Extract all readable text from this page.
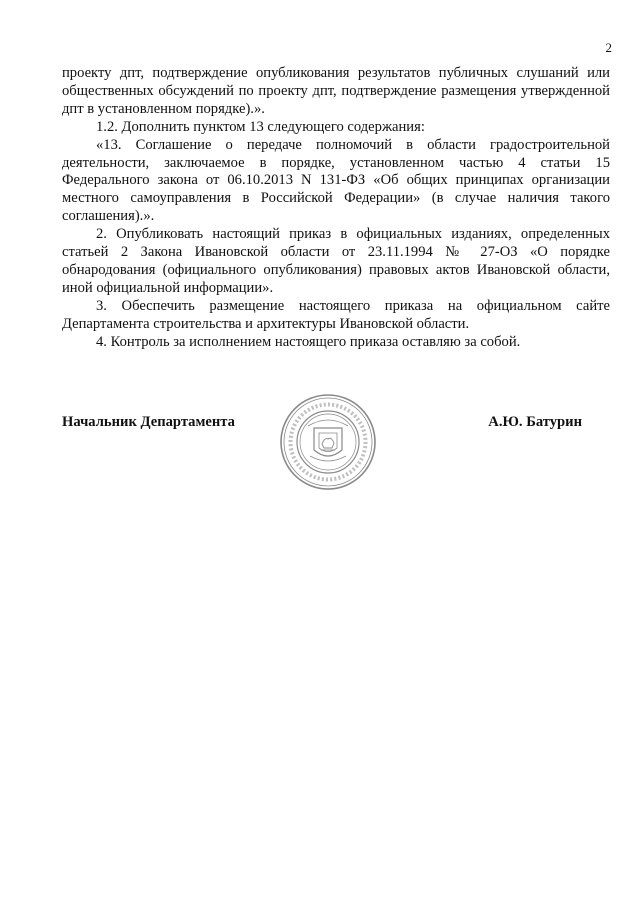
2

проекту дпт, подтверждение опубликования результатов публичных слушаний или общественных обсуждений по проекту дпт, подтверждение размещения утвержденной дпт в установленном порядке).».

1.2. Дополнить пунктом 13 следующего содержания:

«13. Соглашение о передаче полномочий в области градостроительной деятельности, заключаемое в порядке, установленном частью 4 статьи 15 Федерального закона от 06.10.2013 N 131-ФЗ «Об общих принципах организации местного самоуправления в Российской Федерации» (в случае наличия такого соглашения).».

2. Опубликовать настоящий приказ в официальных изданиях, определенных статьей 2 Закона Ивановской области от 23.11.1994 № 27-ОЗ «О порядке обнародования (официального опубликования) правовых актов Ивановской области, иной официальной информации».

3. Обеспечить размещение настоящего приказа на официальном сайте Департамента строительства и архитектуры Ивановской области.

4. Контроль за исполнением настоящего приказа оставляю за собой.

Начальник Департамента	А.Ю. Батурин
